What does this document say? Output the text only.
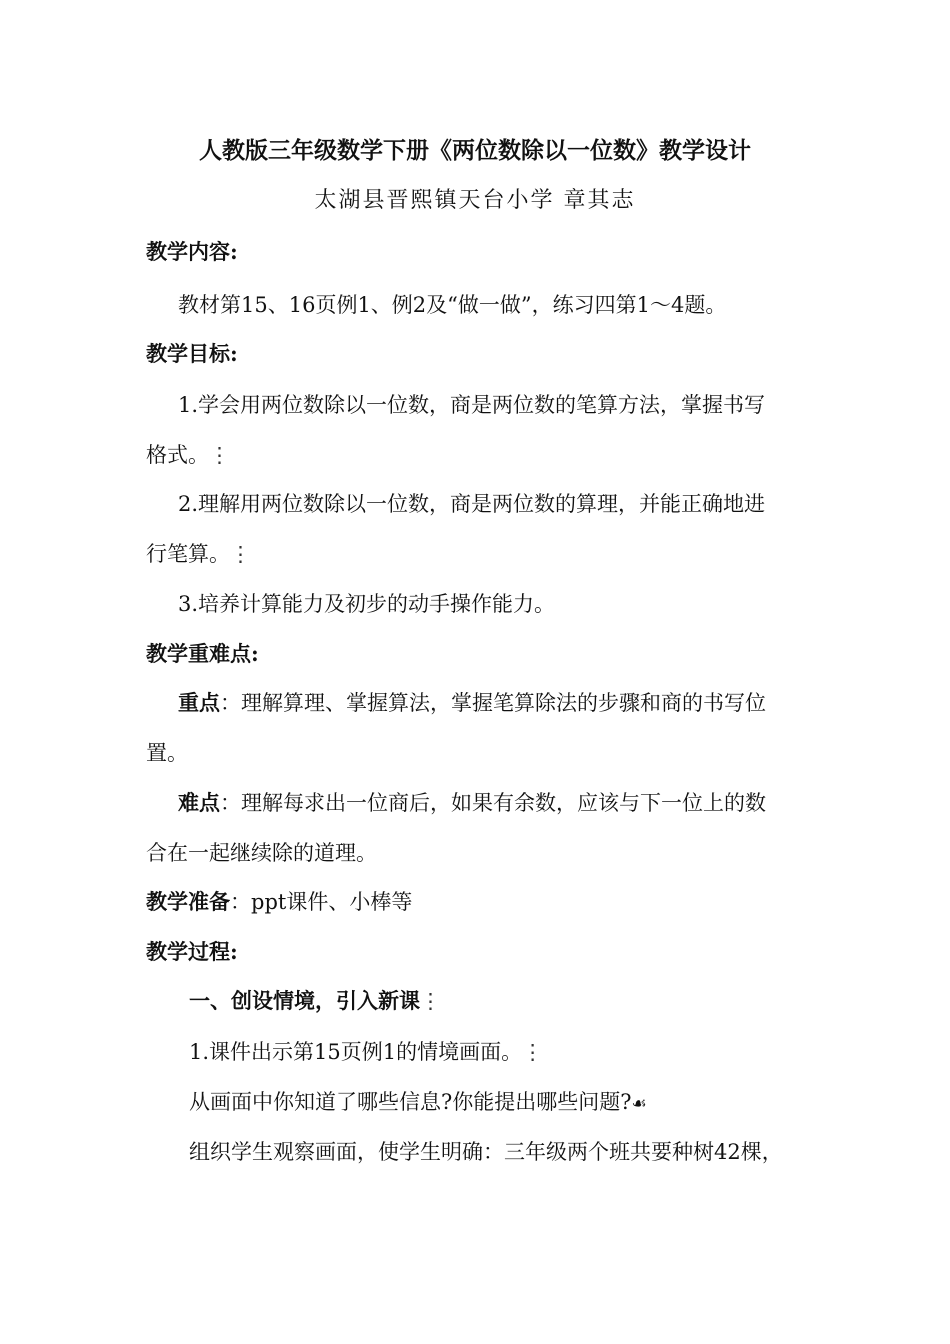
人教版三年级数学下册《两位数除以一位数》教学设计
太湖县晋熙镇天台小学 章其志
教学内容:
教材第15、16页例1、例2及“做一做”，练习四第1～4题。
教学目标:
1.学会用两位数除以一位数，商是两位数的笔算方法，掌握书写
格式。⋮
2.理解用两位数除以一位数，商是两位数的算理，并能正确地进
行笔算。⋮
3.培养计算能力及初步的动手操作能力。
教学重难点:
重点：理解算理、掌握算法，掌握笔算除法的步骤和商的书写位
置。
难点：理解每求出一位商后，如果有余数，应该与下一位上的数
合在一起继续除的道理。
教学准备：ppt课件、小棒等
教学过程:
一、创设情境，引入新课⋮
1.课件出示第15页例1的情境画面。⋮
从画面中你知道了哪些信息?你能提出哪些问题?☙
组织学生观察画面，使学生明确：三年级两个班共要种树42棵，
